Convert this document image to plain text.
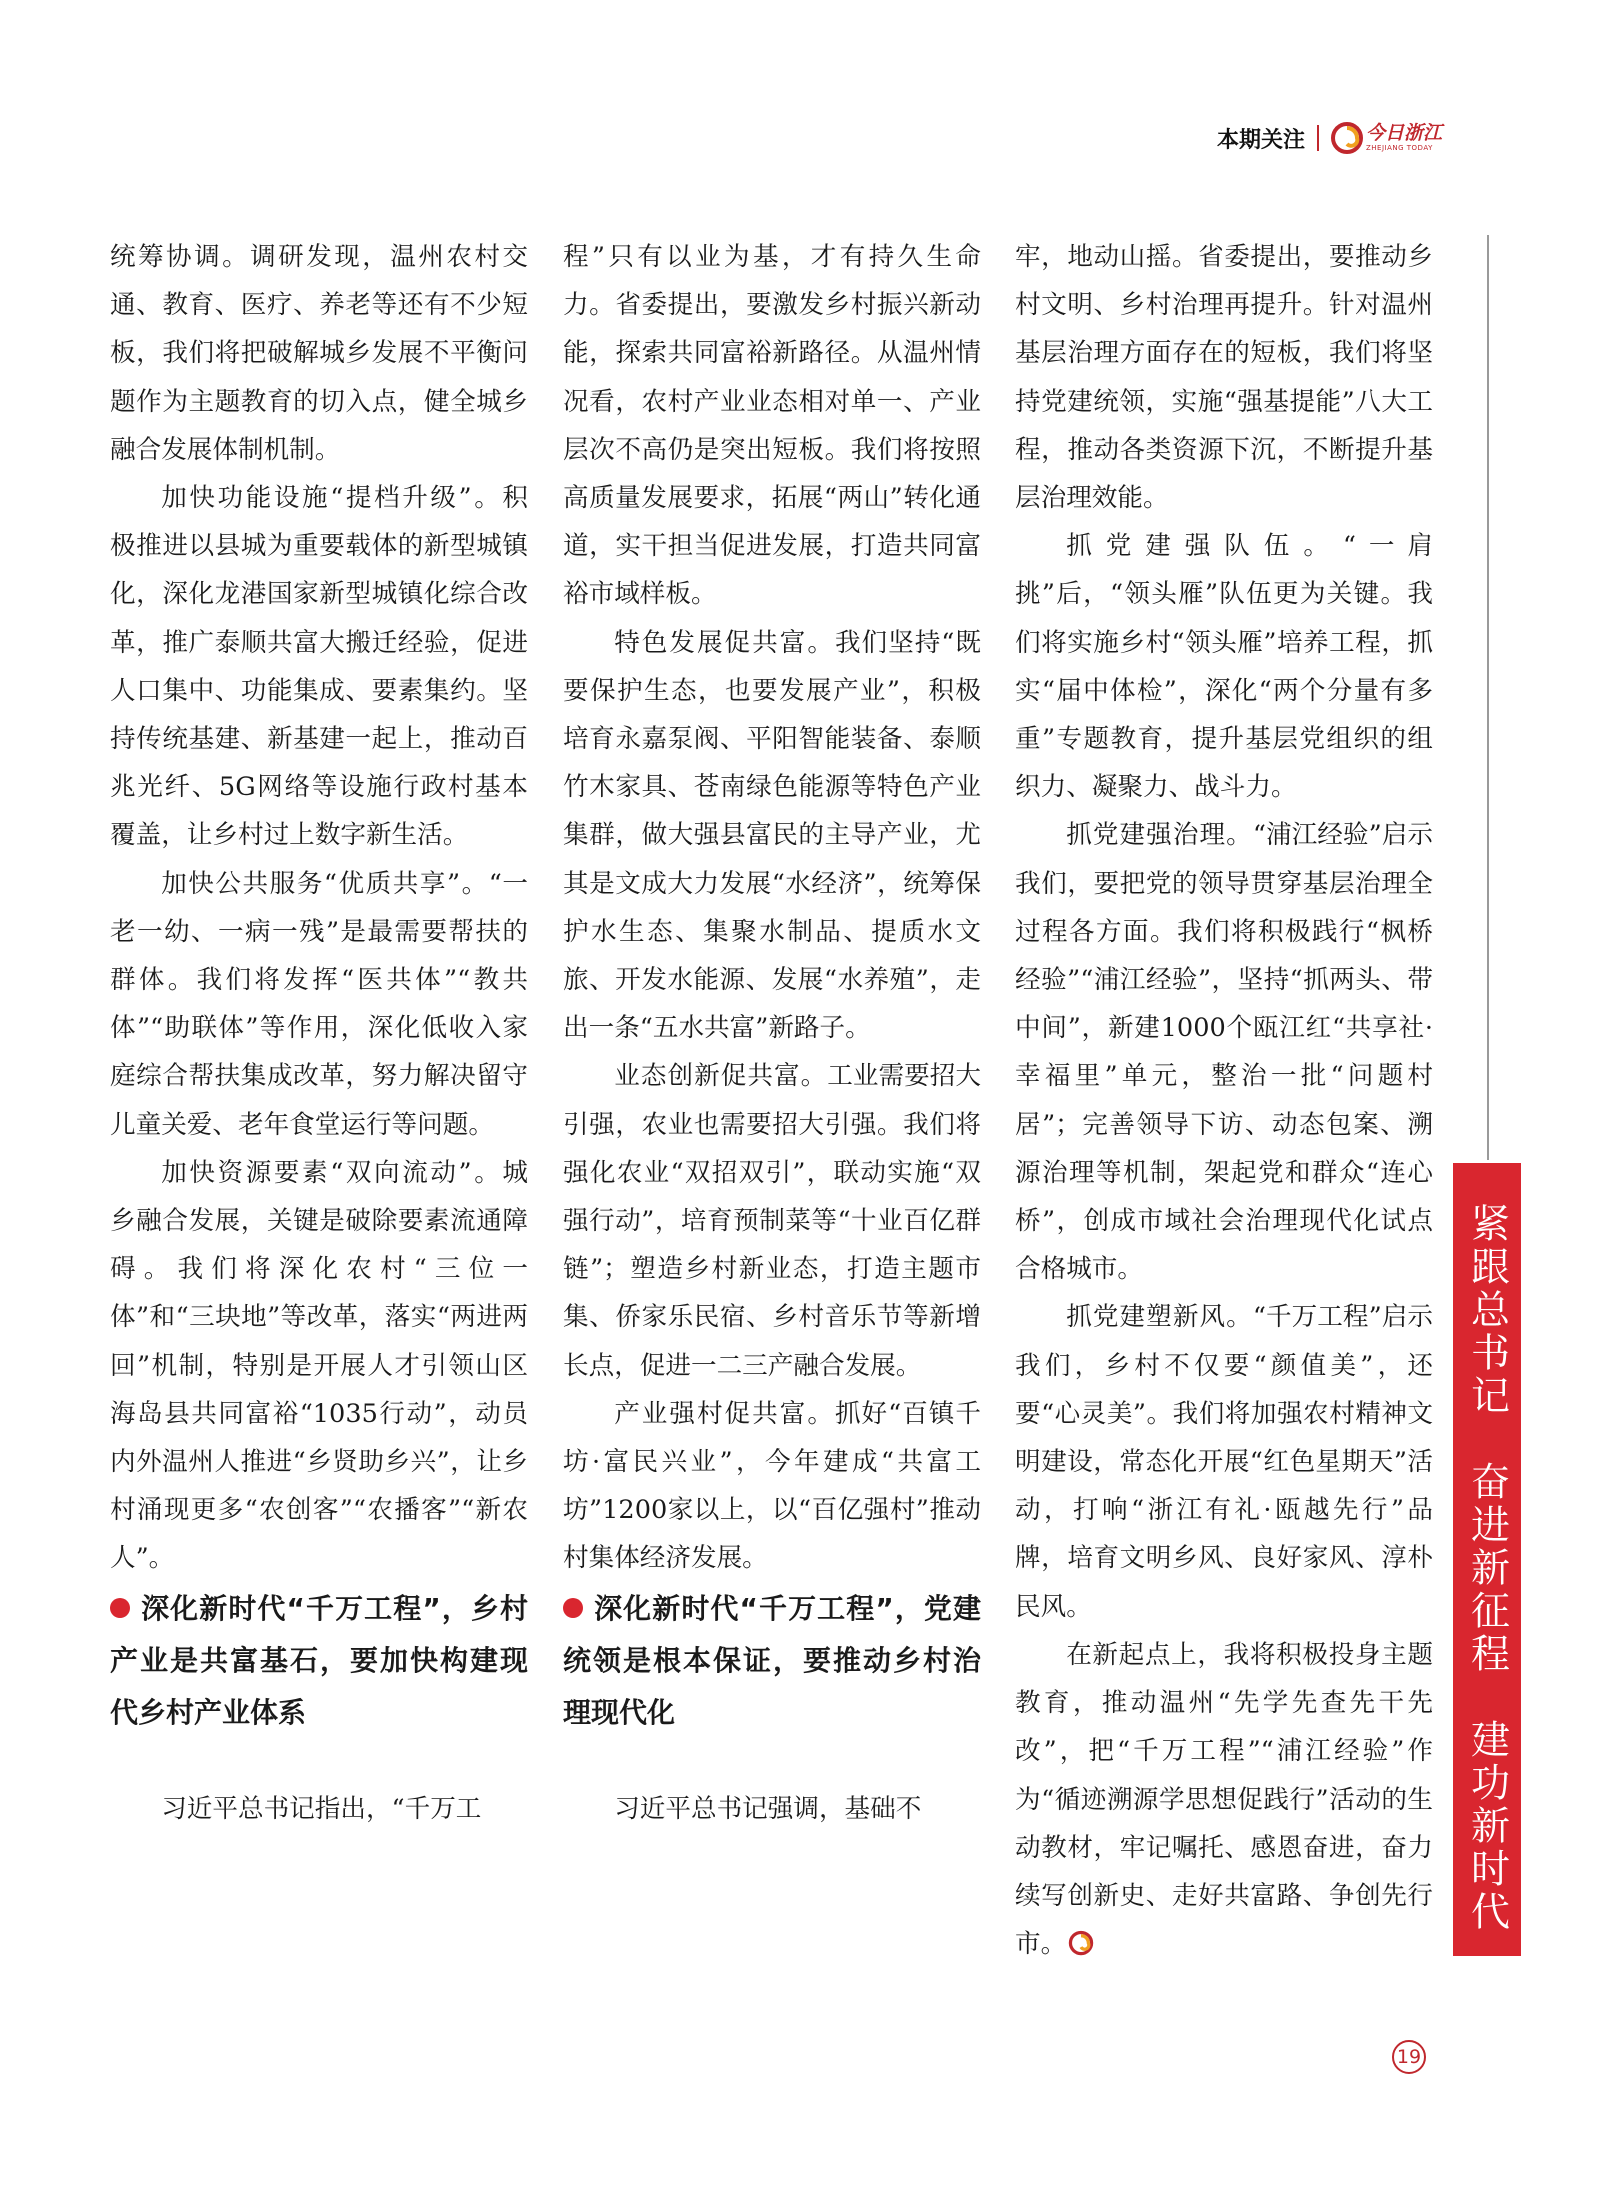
本期关注	今日浙江
ZHEJIANG TODAY

统筹协调。调研发现，温州农村交通、教育、医疗、养老等还有不少短板，我们将把破解城乡发展不平衡问题作为主题教育的切入点，健全城乡融合发展体制机制。

加快功能设施“提档升级”。积极推进以县城为重要载体的新型城镇化，深化龙港国家新型城镇化综合改革，推广泰顺共富大搬迁经验，促进人口集中、功能集成、要素集约。坚持传统基建、新基建一起上，推动百兆光纤、5G网络等设施行政村基本覆盖，让乡村过上数字新生活。

加快公共服务“优质共享”。“一老一幼、一病一残”是最需要帮扶的群体。我们将发挥“医共体”“教共体”“助联体”等作用，深化低收入家庭综合帮扶集成改革，努力解决留守儿童关爱、老年食堂运行等问题。

加快资源要素“双向流动”。城乡融合发展，关键是破除要素流通障碍。我们将深化农村“三位一体”和“三块地”等改革，落实“两进两回”机制，特别是开展人才引领山区海岛县共同富裕“1035行动”，动员内外温州人推进“乡贤助乡兴”，让乡村涌现更多“农创客”“农播客”“新农人”。

深化新时代“千万工程”，乡村产业是共富基石，要加快构建现代乡村产业体系

习近平总书记指出，“千万工

程”只有以业为基，才有持久生命力。省委提出，要激发乡村振兴新动能，探索共同富裕新路径。从温州情况看，农村产业业态相对单一、产业层次不高仍是突出短板。我们将按照高质量发展要求，拓展“两山”转化通道，实干担当促进发展，打造共同富裕市域样板。

特色发展促共富。我们坚持“既要保护生态，也要发展产业”，积极培育永嘉泵阀、平阳智能装备、泰顺竹木家具、苍南绿色能源等特色产业集群，做大强县富民的主导产业，尤其是文成大力发展“水经济”，统筹保护水生态、集聚水制品、提质水文旅、开发水能源、发展“水养殖”，走出一条“五水共富”新路子。

业态创新促共富。工业需要招大引强，农业也需要招大引强。我们将强化农业“双招双引”，联动实施“双强行动”，培育预制菜等“十业百亿群链”；塑造乡村新业态，打造主题市集、侨家乐民宿、乡村音乐节等新增长点，促进一二三产融合发展。

产业强村促共富。抓好“百镇千坊·富民兴业”，今年建成“共富工坊”1200家以上，以“百亿强村”推动村集体经济发展。

深化新时代“千万工程”，党建统领是根本保证，要推动乡村治理现代化

习近平总书记强调，基础不

牢，地动山摇。省委提出，要推动乡村文明、乡村治理再提升。针对温州基层治理方面存在的短板，我们将坚持党建统领，实施“强基提能”八大工程，推动各类资源下沉，不断提升基层治理效能。

抓党建强队伍。“一肩挑”后，“领头雁”队伍更为关键。我们将实施乡村“领头雁”培养工程，抓实“届中体检”，深化“两个分量有多重”专题教育，提升基层党组织的组织力、凝聚力、战斗力。

抓党建强治理。“浦江经验”启示我们，要把党的领导贯穿基层治理全过程各方面。我们将积极践行“枫桥经验”“浦江经验”，坚持“抓两头、带中间”，新建1000个瓯江红“共享社·幸福里”单元，整治一批“问题村居”；完善领导下访、动态包案、溯源治理等机制，架起党和群众“连心桥”，创成市域社会治理现代化试点合格城市。

抓党建塑新风。“千万工程”启示我们，乡村不仅要“颜值美”，还要“心灵美”。我们将加强农村精神文明建设，常态化开展“红色星期天”活动，打响“浙江有礼·瓯越先行”品牌，培育文明乡风、良好家风、淳朴民风。

在新起点上，我将积极投身主题教育，推动温州“先学先查先干先改”，把“千万工程”“浦江经验”作为“循迹溯源学思想促践行”活动的生动教材，牢记嘱托、感恩奋进，奋力续写创新史、走好共富路、争创先行市。

紧跟总书记　奋进新征程　建功新时代
19
